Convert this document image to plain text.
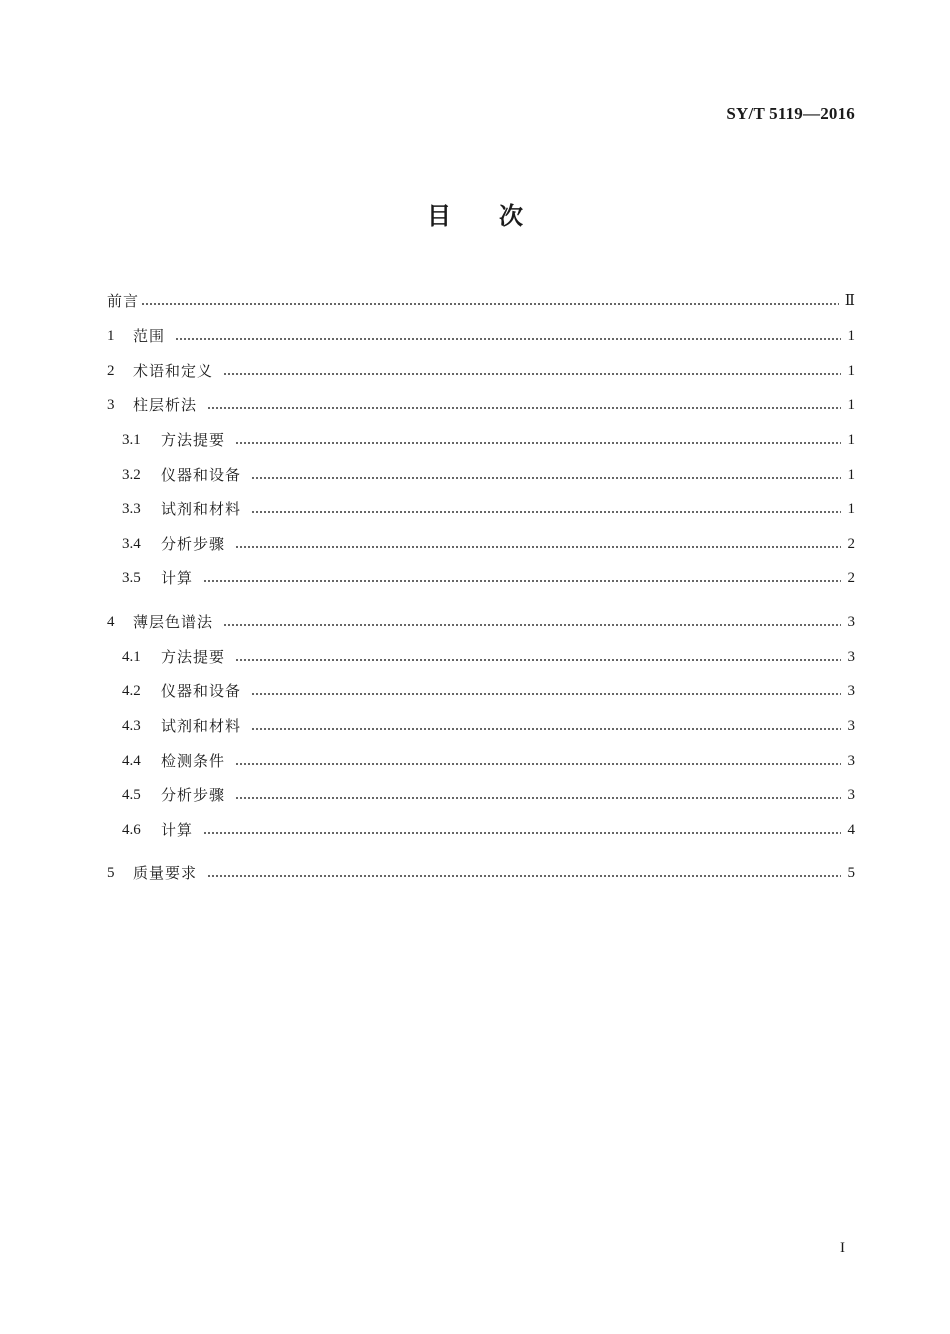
SY/T 5119—2016
目次
前言	Ⅱ
1	范围	1
2	术语和定义	1
3	柱层析法	1
3.1	方法提要	1
3.2	仪器和设备	1
3.3	试剂和材料	1
3.4	分析步骤	2
3.5	计算	2
4	薄层色谱法	3
4.1	方法提要	3
4.2	仪器和设备	3
4.3	试剂和材料	3
4.4	检测条件	3
4.5	分析步骤	3
4.6	计算	4
5	质量要求	5
I
